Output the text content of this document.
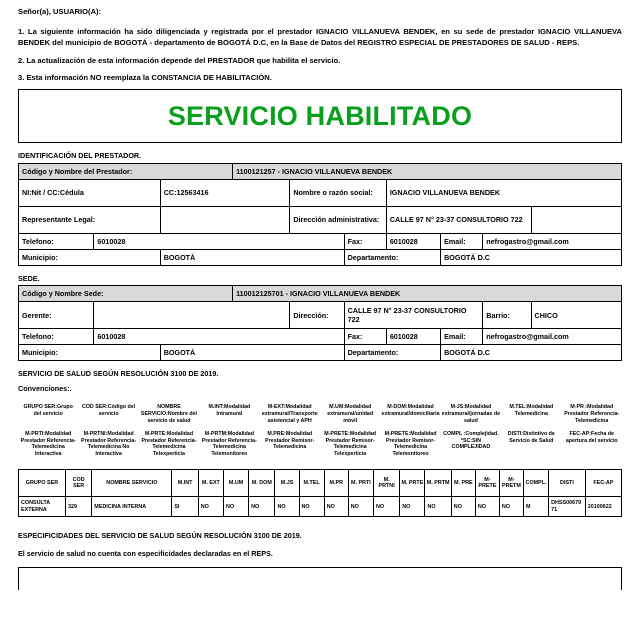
Señor(a), USUARIO(A):

1. La siguiente información ha sido diligenciada y registrada por el prestador IGNACIO VILLANUEVA BENDEK, en su sede de prestador IGNACIO VILLANUEVA BENDEK del municipio de BOGOTÁ - departamento de BOGOTÁ D.C, en la Base de Datos del REGISTRO ESPECIAL DE PRESTADORES DE SALUD - REPS.

2. La actualización de esta información depende del PRESTADOR que habilita el servicio.

3. Esta información NO reemplaza la CONSTANCIA DE HABILITACIÓN.

SERVICIO HABILITADO
IDENTIFICACIÓN DEL PRESTADOR.
Código y Nombre del Prestador:			1100121257 - IGNACIO VILLANUEVA BENDEK						
NI:Nit / CC:Cédula		CC:12563416		Nombre o razón social:		IGNACIO VILLANUEVA BENDEK			
Representante Legal:				Dirección administrativa:		CALLE 97 N° 23-37 CONSULTORIO 722			
Telefono:	6010028				Fax:	6010028	Email:	nefrogastro@gmail.com	
Municipio:		BOGOTÁ			Departamento:		BOGOTÁ D.C		
SEDE.
Código y Nombre Sede:			110012125701 - IGNACIO VILLANUEVA BENDEK						
Gerente:				Dirección:	CALLE 97 N° 23-37 CONSULTORIO 722			Barrio:	CHICO
Telefono:	6010028				Fax:	6010028	Email:	nefrogastro@gmail.com	
Municipio:		BOGOTÁ			Departamento:		BOGOTÁ D.C		
SERVICIO DE SALUD SEGÚN RESOLUCIÓN 3100 DE 2019.
Convenciones:.
GRUPO SER:Grupo del servicio	COD SER:Código del servicio	NOMBRE SERVICIO:Nombre del servicio de salud	M.INT:Modalidad Intramural	M-EXT:Modalidad extramural/Transporte asistencial y APH	M.UM:Modalidad extramural/unidad móvil	M-DOM:Modalidad extramural/domiciliaria	M-JS:Modalidad extramural/jornadas de salud	M.TEL:Modalidad Telemedicina	M-PR :Modalidad Prestador Referencia-Telemedicina
M-PRTI:Modalidad Prestador Referencia-Telemedicina Interactiva	M-PRTNI:Modalidad Prestador Referencia-Telemedicina No Interactiva	M-PRTE:Modalidad Prestador Referencia-Telemedicina Telexperticia	M-PRTM:Modalidad Prestador Referencia-Telemedicina Telemonitoreo	M.PRE:Modalidad Prestador Remisor-Telemedicina	M-PRETE:Modalidad Prestador Remisor-Telemedicina Telexperticia	M-PRETE:Modalidad Prestador Remisor-Telemedicina Telemonitoreo	COMPL :Complejidad. *SC:SIN COMPLEJIDAD	DISTI:Distintivo de Servicio de Salud	FEC-AP:Fecha de apertura del servicio
GRUPO SER	COD SER	NOMBRE SERVICIO	M.INT	M. EXT	M.UM	M. DOM	M.JS	M.TEL	M.PR	M. PRTI	M. PRTNI	M. PRTE	M. PRTM	M. PRE	M-PRETE	M-PRETM	COMPL.	DISTI	FEC-AP
CONSULTA EXTERNA	329	MEDICINA INTERNA	SI	NO	NO	NO	NO	NO	NO	NO	NO	NO	NO	NO	NO	NO	M	DHSS0067971	20100622
ESPECIFICIDADES DEL SERVICIO DE SALUD SEGÚN RESOLUCIÓN 3100 DE 2019.
El servicio de salud no cuenta con especificidades declaradas en el REPS.
